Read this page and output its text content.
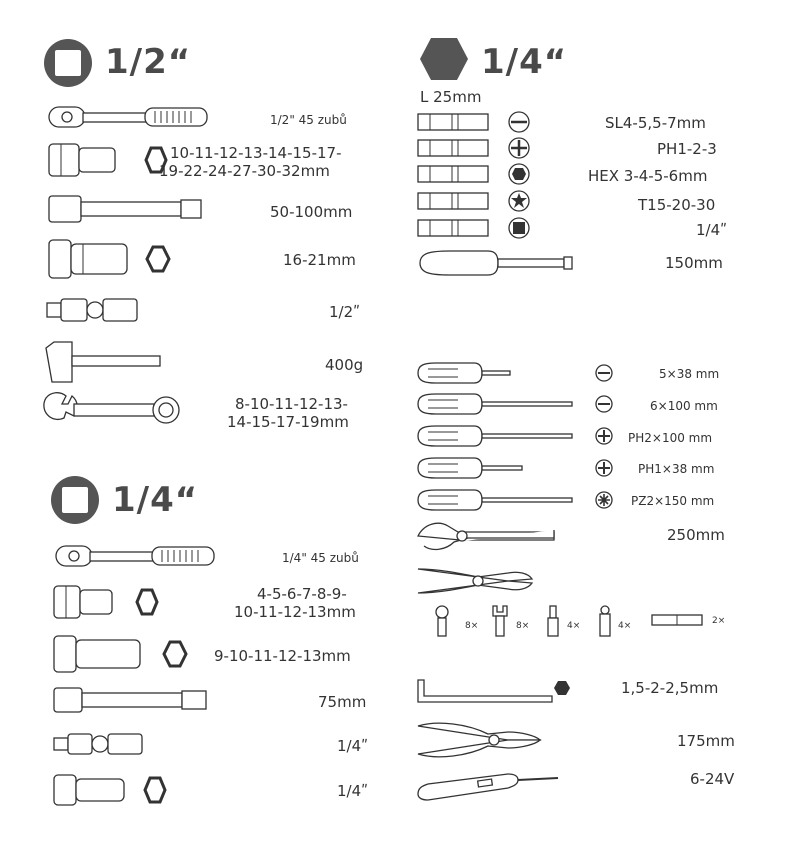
1/2“
1/2" 45 zubů
10-11-12-13-14-15-17-
19-22-24-27-30-32mm
50-100mm
16-21mm
1/2ʺ
400g
8-10-11-12-13-
14-15-17-19mm
1/4“
1/4" 45 zubů
4-5-6-7-8-9-
10-11-12-13mm
9-10-11-12-13mm
75mm
1/4ʺ
1/4ʺ
1/4“
L 25mm
SL4-5,5-7mm
PH1-2-3
HEX 3-4-5-6mm
T15-20-30
1/4ʺ
150mm
5×38 mm
6×100 mm
PH2×100 mm
PH1×38 mm
PZ2×150 mm
250mm
8×	8×	4×	4×	2×
1,5-2-2,5mm
175mm
6-24V
